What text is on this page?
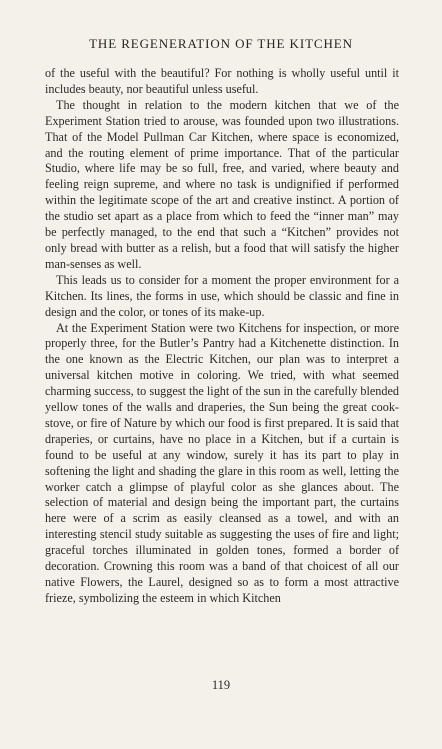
THE REGENERATION OF THE KITCHEN

of the useful with the beautiful? For nothing is wholly useful until it includes beauty, nor beautiful unless useful.

The thought in relation to the modern kitchen that we of the Experiment Station tried to arouse, was founded upon two illustrations. That of the Model Pullman Car Kitchen, where space is economized, and the routing element of prime importance. That of the particular Studio, where life may be so full, free, and varied, where beauty and feeling reign supreme, and where no task is undignified if performed within the legitimate scope of the art and creative instinct. A portion of the studio set apart as a place from which to feed the “inner man” may be perfectly managed, to the end that such a “Kitchen” provides not only bread with butter as a relish, but a food that will satisfy the higher man-senses as well.

This leads us to consider for a moment the proper environment for a Kitchen. Its lines, the forms in use, which should be classic and fine in design and the color, or tones of its make-up.

At the Experiment Station were two Kitchens for inspection, or more properly three, for the Butler’s Pantry had a Kitchenette distinction. In the one known as the Electric Kitchen, our plan was to interpret a universal kitchen motive in coloring. We tried, with what seemed charming success, to suggest the light of the sun in the carefully blended yellow tones of the walls and draperies, the Sun being the great cook-stove, or fire of Nature by which our food is first prepared. It is said that draperies, or curtains, have no place in a Kitchen, but if a curtain is found to be useful at any window, surely it has its part to play in softening the light and shading the glare in this room as well, letting the worker catch a glimpse of playful color as she glances about. The selection of material and design being the important part, the curtains here were of a scrim as easily cleansed as a towel, and with an interesting stencil study suitable as suggesting the uses of fire and light; graceful torches illuminated in golden tones, formed a border of decoration. Crowning this room was a band of that choicest of all our native Flowers, the Laurel, designed so as to form a most attractive frieze, symbolizing the esteem in which Kitchen

119
